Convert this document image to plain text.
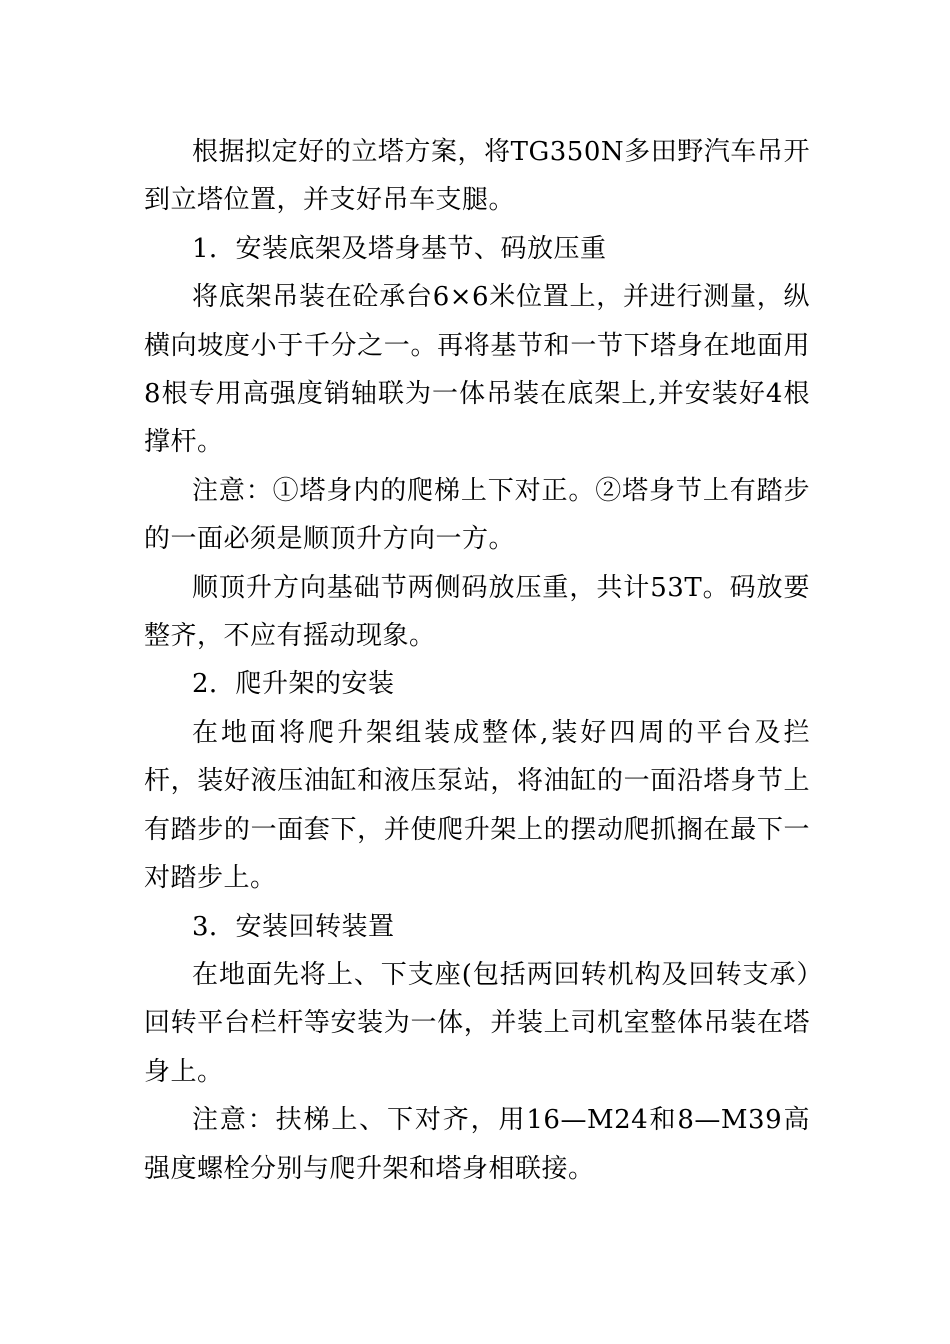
根据拟定好的立塔方案，将TG350N多田野汽车吊开到立塔位置，并支好吊车支腿。

1．安装底架及塔身基节、码放压重

将底架吊装在砼承台6×6米位置上，并进行测量，纵横向坡度小于千分之一。再将基节和一节下塔身在地面用8根专用高强度销轴联为一体吊装在底架上,并安装好4根撑杆。

注意：①塔身内的爬梯上下对正。②塔身节上有踏步的一面必须是顺顶升方向一方。

顺顶升方向基础节两侧码放压重，共计53T。码放要整齐，不应有摇动现象。

2．爬升架的安装

在地面将爬升架组装成整体,装好四周的平台及拦杆，装好液压油缸和液压泵站，将油缸的一面沿塔身节上有踏步的一面套下，并使爬升架上的摆动爬抓搁在最下一对踏步上。

3．安装回转装置

在地面先将上、下支座(包括两回转机构及回转支承）回转平台栏杆等安装为一体，并装上司机室整体吊装在塔身上。

注意：扶梯上、下对齐，用16—M24和8—M39高强度螺栓分别与爬升架和塔身相联接。
